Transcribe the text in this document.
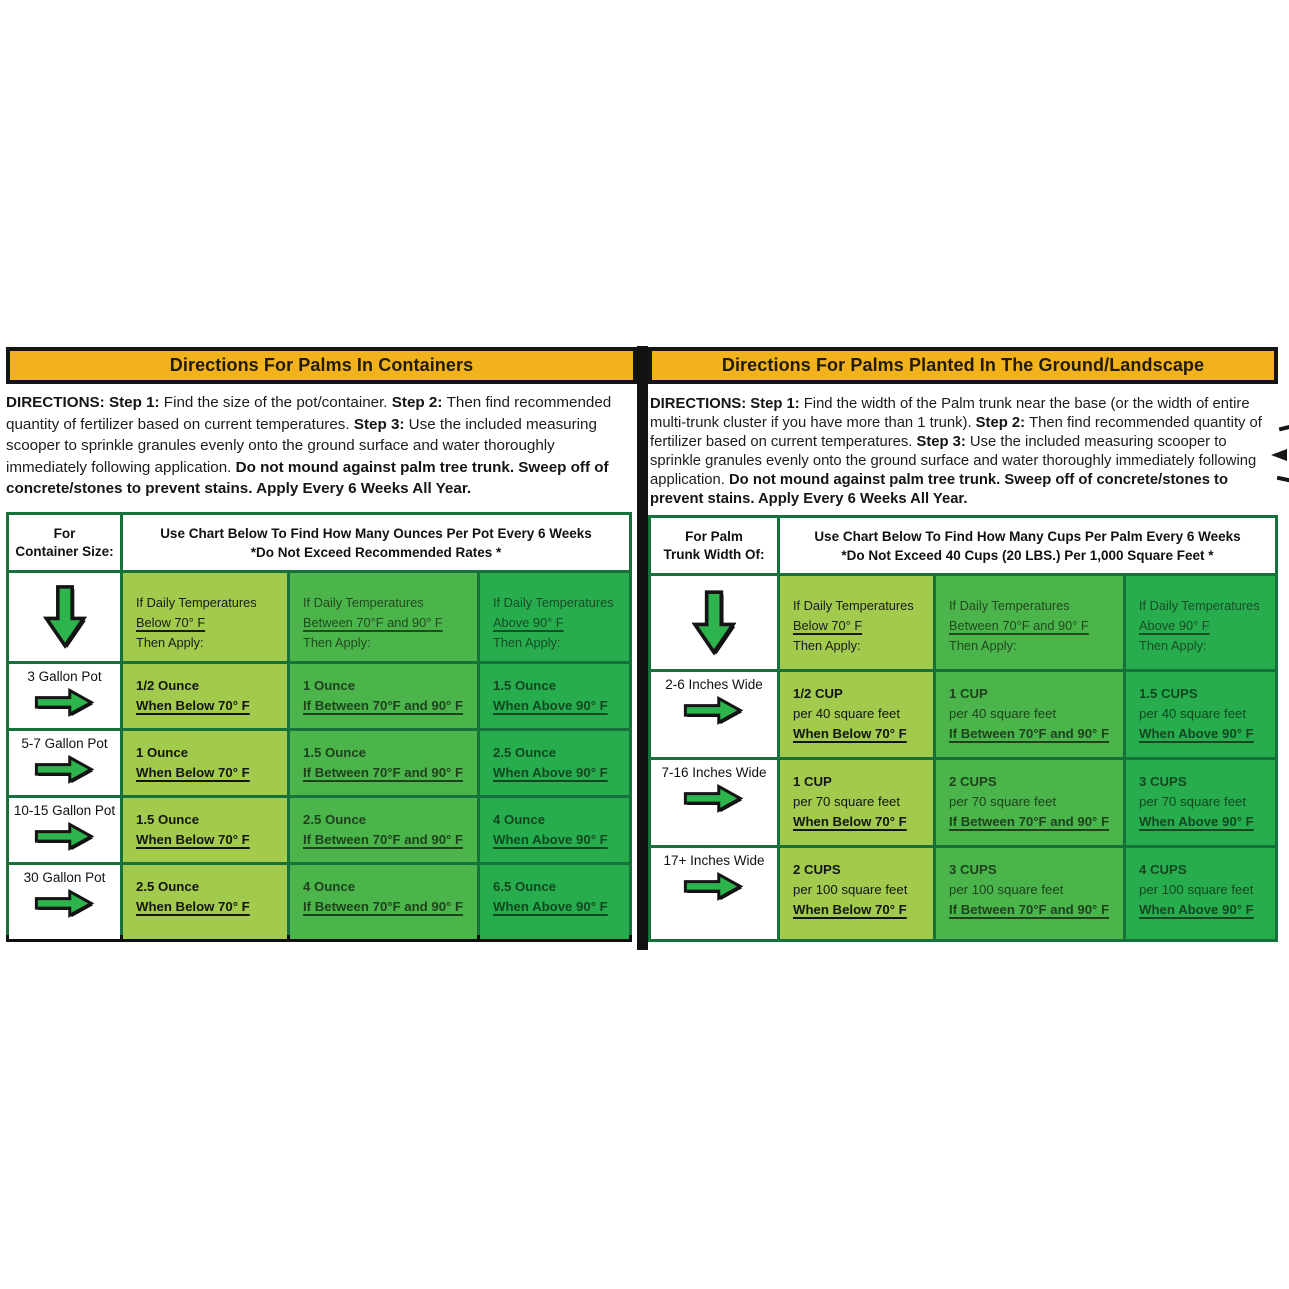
Directions For Palms In Containers	Directions For Palms Planted In The Ground/Landscape
DIRECTIONS: Step 1: Find the size of the pot/container. Step 2: Then find recommended quantity of fertilizer based on current temperatures. Step 3: Use the included measuring scooper to sprinkle granules evenly onto the ground surface and water thoroughly immediately following application. Do not mound against palm tree trunk. Sweep off of concrete/stones to prevent stains. Apply Every 6 Weeks All Year.
DIRECTIONS: Step 1: Find the width of the Palm trunk near the base (or the width of entire multi-trunk cluster if you have more than 1 trunk). Step 2: Then find recommended quantity of fertilizer based on current temperatures. Step 3: Use the included measuring scooper to sprinkle granules evenly onto the ground surface and water thoroughly immediately following application. Do not mound against palm tree trunk. Sweep off of concrete/stones to prevent stains. Apply Every 6 Weeks All Year.
For
Container Size:
Use Chart Below To Find How Many Ounces Per Pot Every 6 Weeks
*Do Not Exceed Recommended Rates *
If Daily Temperatures
Below 70° F
Then Apply:
If Daily Temperatures
Between 70°F and 90° F
Then Apply:
If Daily Temperatures
Above 90° F
Then Apply:
3 Gallon Pot
1/2 Ounce
When Below 70° F
1 Ounce
If Between 70°F and 90° F
1.5 Ounce
When Above 90° F
5-7 Gallon Pot
1 Ounce
When Below 70° F
1.5 Ounce
If Between 70°F and 90° F
2.5 Ounce
When Above 90° F
10-15 Gallon Pot
1.5 Ounce
When Below 70° F
2.5 Ounce
If Between 70°F and 90° F
4 Ounce
When Above 90° F
30 Gallon Pot
2.5 Ounce
When Below 70° F
4 Ounce
If Between 70°F and 90° F
6.5 Ounce
When Above 90° F
For Palm
Trunk Width Of:
Use Chart Below To Find How Many Cups Per Palm Every 6 Weeks
*Do Not Exceed 40 Cups (20 LBS.) Per 1,000 Square Feet *
If Daily Temperatures
Below 70° F
Then Apply:
If Daily Temperatures
Between 70°F and 90° F
Then Apply:
If Daily Temperatures
Above 90° F
Then Apply:
2-6 Inches Wide
1/2 CUP
per 40 square feet
When Below 70° F
1 CUP
per 40 square feet
If Between 70°F and 90° F
1.5 CUPS
per 40 square feet
When Above 90° F
7-16 Inches Wide
1 CUP
per 70 square feet
When Below 70° F
2 CUPS
per 70 square feet
If Between 70°F and 90° F
3 CUPS
per 70 square feet
When Above 90° F
17+ Inches Wide
2 CUPS
per 100 square feet
When Below 70° F
3 CUPS
per 100 square feet
If Between 70°F and 90° F
4 CUPS
per 100 square feet
When Above 90° F
